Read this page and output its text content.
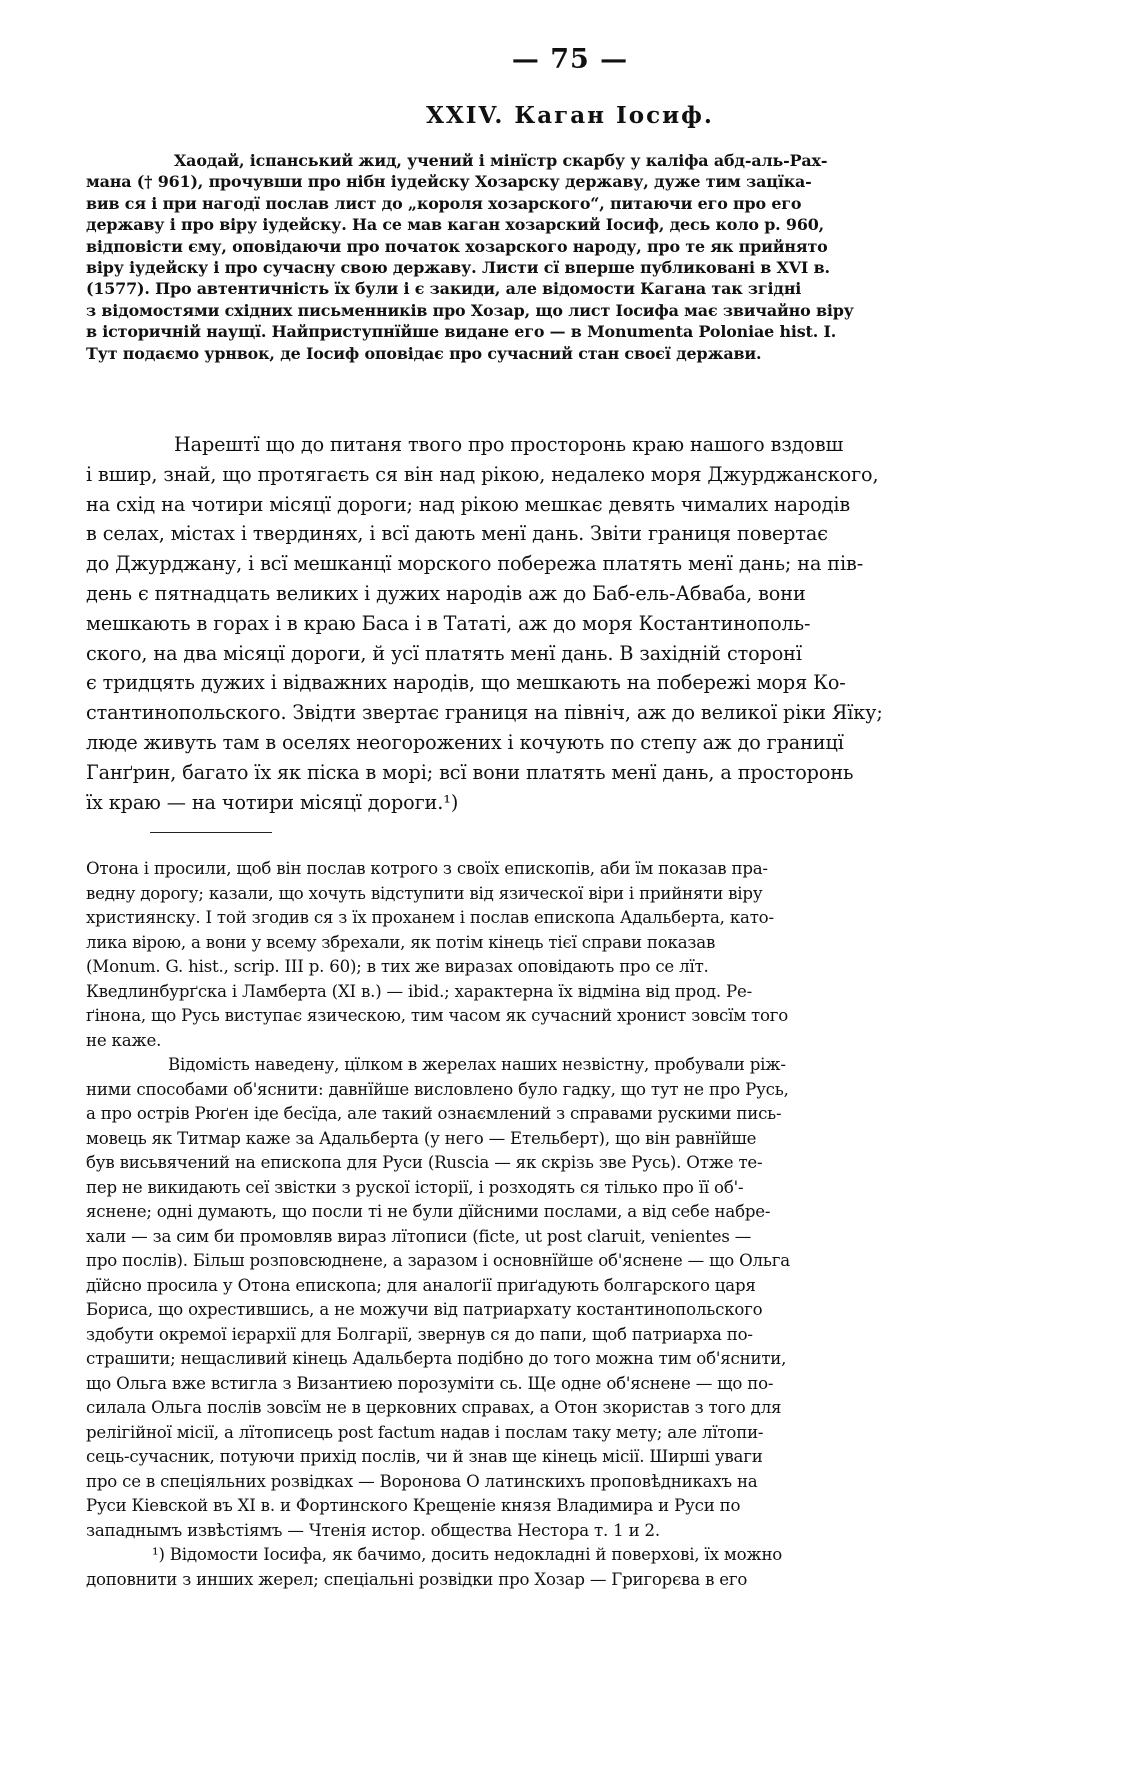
— 75 —
XXIV. Каган Іосиф.
Хаодай, іспанський жид, учений і мінїстр скарбу у каліфа абд-аль-Рах-
мана († 961), прочувши про нібн іудейску Хозарску державу, дуже тим зацїка-
вив ся і при нагодї послав лист до „короля хозарского“, питаючи его про его
державу і про віру іудейску. На се мав каган хозарский Іосиф, десь коло р. 960,
відповісти єму, оповідаючи про початок хозарского народу, про те як прийнято
віру іудейску і про сучасну свою державу. Листи сї вперше публиковані в XVI в.
(1577). Про автентичність їх були і є закиди, але відомости Кагана так згідні
з відомостями східних письменників про Хозар, що лист Іосифа має звичайно віру
в історичній наущї. Найприступнїйше видане его — в Monumenta Poloniae hist. I.
Тут подаємо урнвок, де Іосиф оповідає про сучасний стан своєї держави.
Нарештї що до питаня твого про просторонь краю нашого вздовш
і вшир, знай, що протягаєть ся він над рікою, недалеко моря Джурджанского,
на схід на чотири місяцї дороги; над рікою мешкає девять чималих народів
в селах, містах і твердинях, і всї дають менї дань. Звіти границя повертає
до Джурджану, і всї мешканцї морского побережа платять менї дань; на пів-
день є пятнадцать великих і дужих народів аж до Баб-ель-Абваба, вони
мешкають в горах і в краю Баса і в Тататі, аж до моря Костантинополь-
ского, на два місяцї дороги, й усї платять менї дань. В західній сторонї
є тридцять дужих і відважних народів, що мешкають на побережі моря Ко-
стантинопольского. Звідти звертає границя на північ, аж до великої ріки Яїку;
люде живуть там в оселях неогорожених і кочують по степу аж до границї
Ганґрин, багато їх як піска в морі; всї вони платять менї дань, а просторонь
їх краю — на чотири місяцї дороги.¹)
Отона і просили, щоб він послав котрого з своїх епископів, аби їм показав пра-
ведну дорогу; казали, що хочуть відступити від язичеcкої віри і прийняти віру
християнску. І той згодив ся з їх проханем і послав епископа Адальберта, като-
лика вірою, а вони у всему збрехали, як потім кінець тієї справи показав
(Monum. G. hist., scrip. III p. 60); в тих же виразах оповідають про се лїт.
Кведлинбурґска і Ламберта (XI в.) — ibid.; характерна їх відміна від прод. Ре-
ґінона, що Русь виступає язичеcкою, тим часом як сучасний хронист зовсїм того
не каже.
Відомість наведену, цїлком в жерелах наших незвістну, пробували ріж-
ними способами об'яснити: давнїйше висловлено було гадку, що тут не про Русь,
а про острів Рюґен іде бесїда, але такий ознаємлений з справами рускими пись-
мовець як Титмар каже за Адальберта (у него — Етельберт), що він равнїйше
був висьвячений на епископа для Руси (Ruscia — як скрізь зве Русь). Отже те-
пер не викидають сеї звістки з рускої історії, і розходять ся тілько про її об'-
яснене; одні думають, що посли ті не були дїйсними послами, а від себе набре-
хали — за сим би промовляв вираз лїтописи (ficte, ut post claruit, venientes —
про послів). Більш розповсюднене, а заразом і основнїйше об'яснене — що Ольга
дїйсно просила у Отона епископа; для аналоґії приґадують болгарского царя
Бориса, що охрестившись, а не можучи від патриархату костантинопольского
здобути окремої ієрархії для Болгарії, звернув ся до папи, щоб патриарха по-
страшити; нещасливий кінець Адальберта подібно до того можна тим об'яснити,
що Ольга вже встигла з Византиею порозуміти сь. Ще одне об'яснене — що по-
силала Ольга послів зовсїм не в церковних справах, а Отон зкористав з того для
релігійної місії, а лїтописець post factum надав і послам таку мету; але лїтопи-
сець-сучасник, потуючи прихід послів, чи й знав ще кінець місії. Ширші уваги
про се в спеціяльних розвідках — Воронова О латинскихъ проповѣдникахъ на
Руси Кіевской въ XI в. и Фортинского Крещеніе князя Владимира и Руси по
западнымъ извѣстіямъ — Чтенія истор. общества Нестора т. 1 и 2.
¹) Відомости Іосифа, як бачимо, досить недокладні й поверхові, їх можно
доповнити з инших жерел; спеціальні розвідки про Хозар — Григорєва в его
